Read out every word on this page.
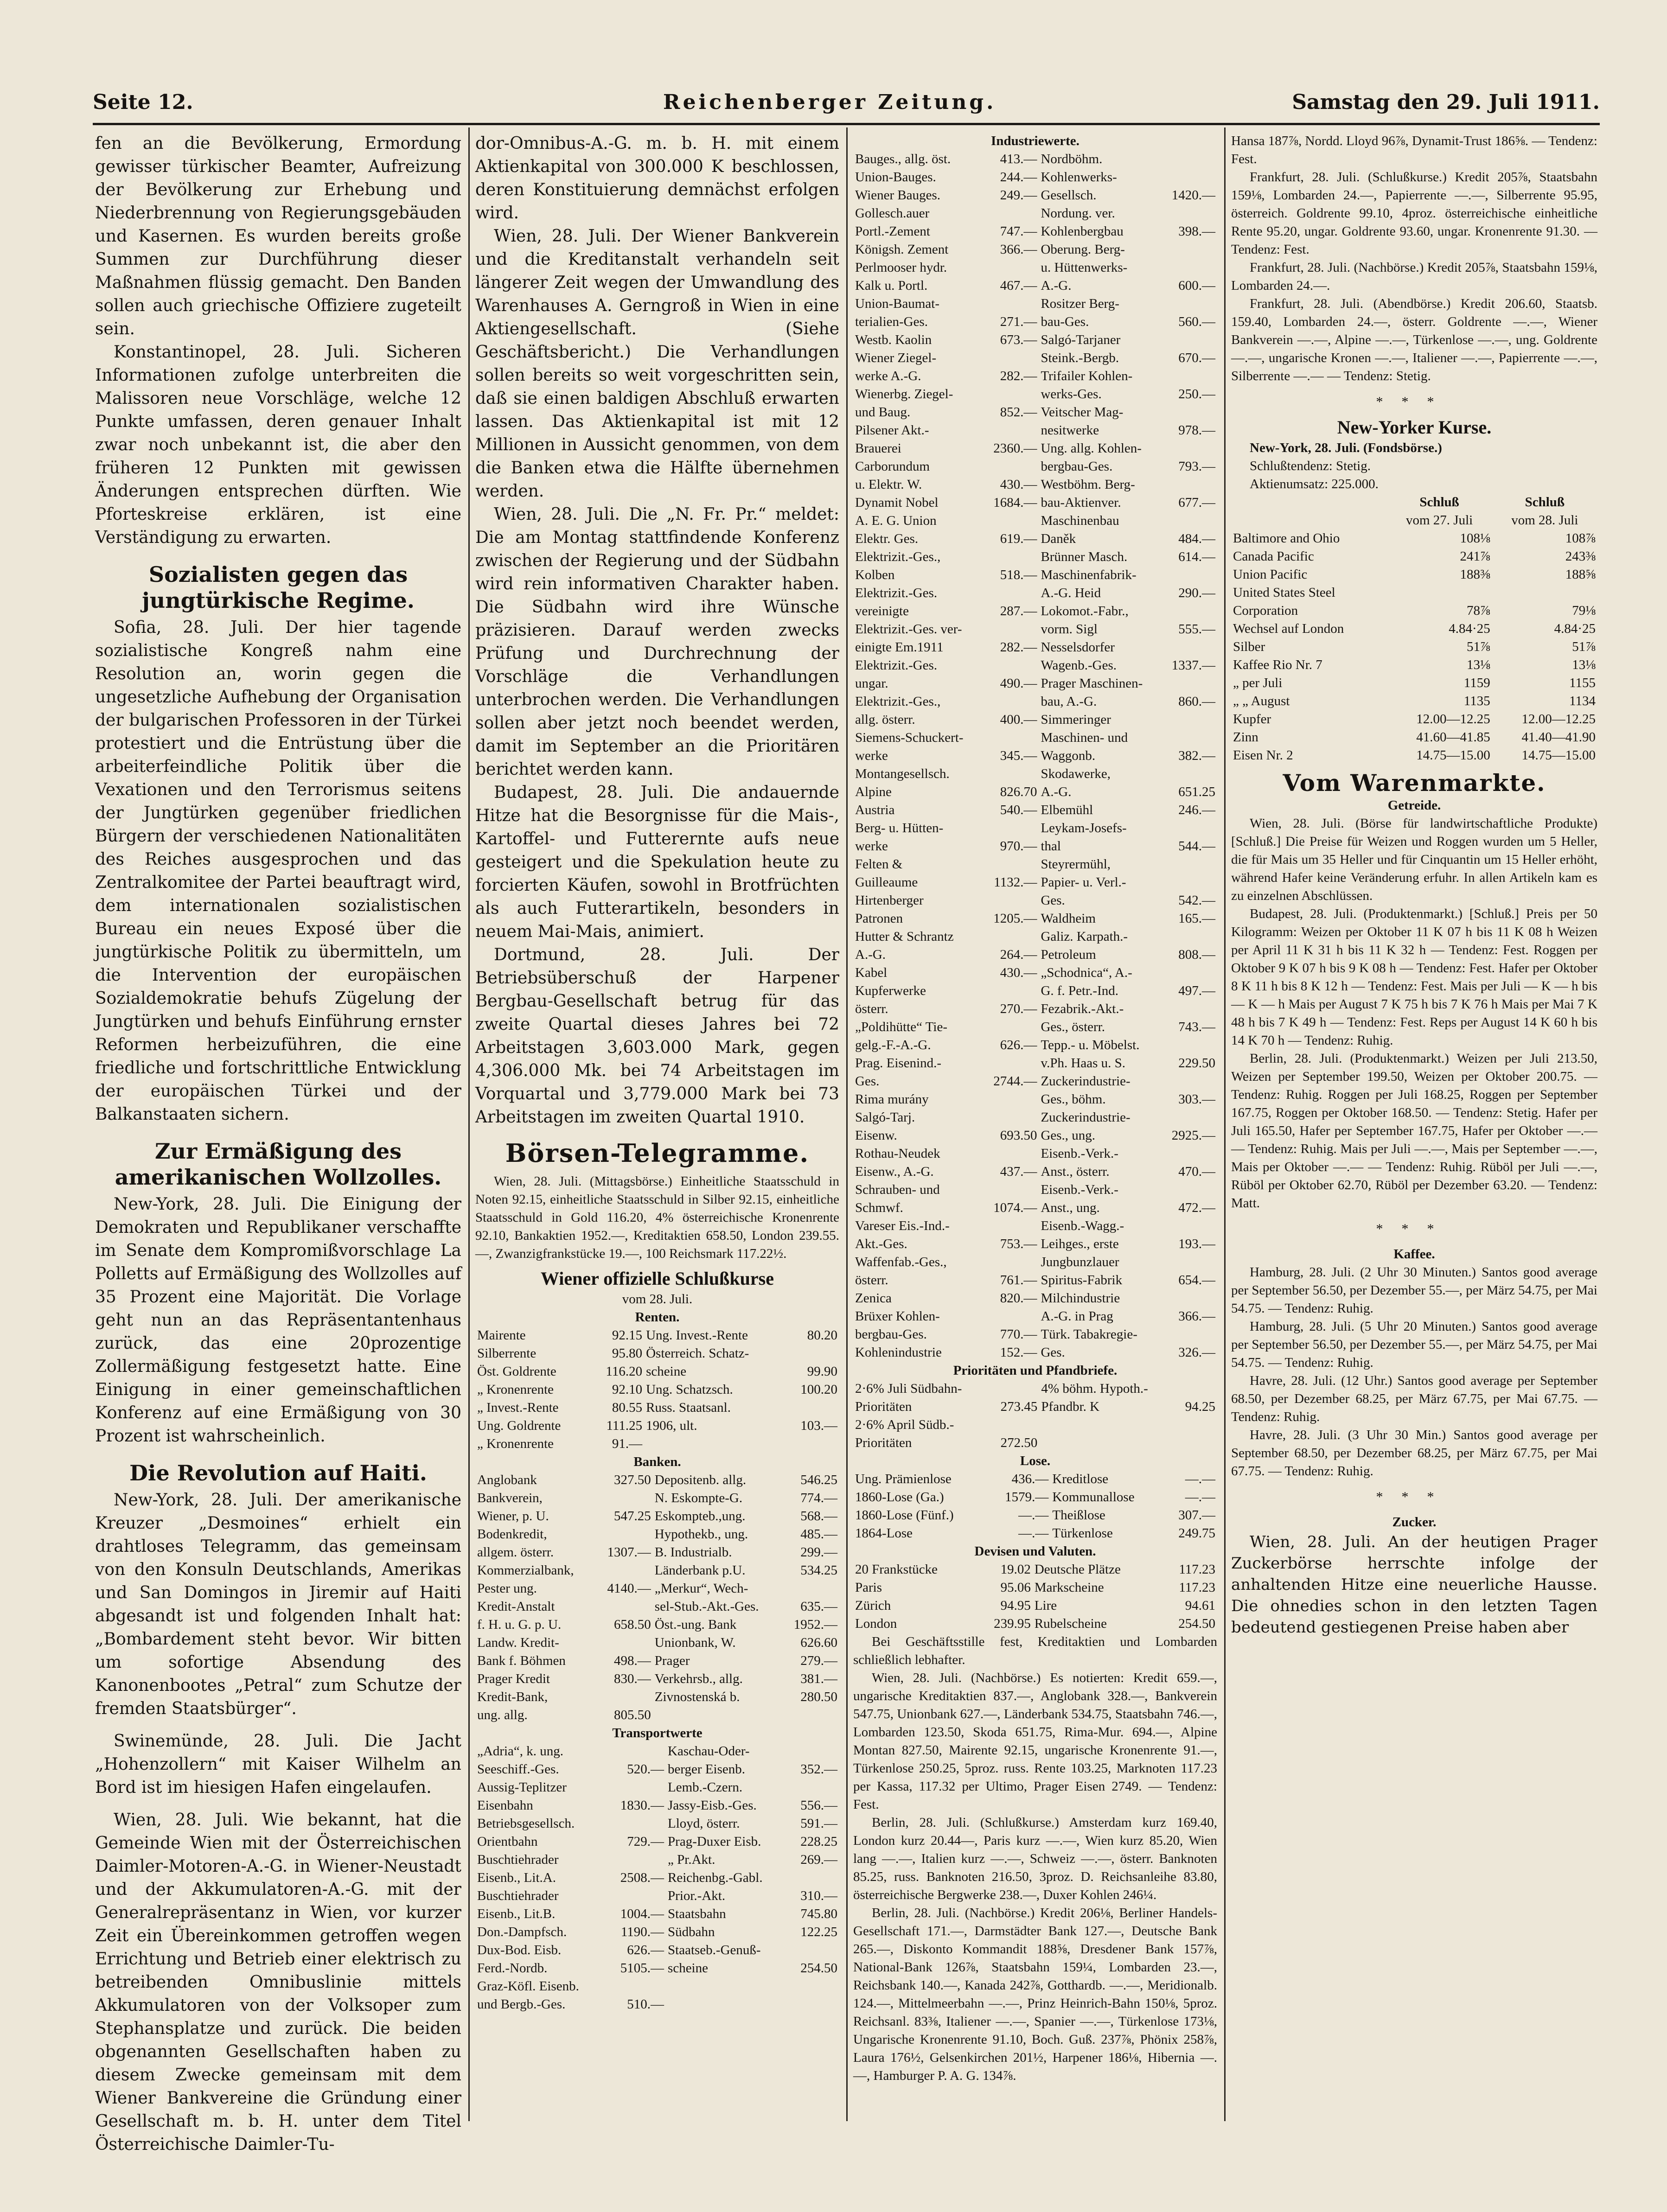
Seite 12.	Reichenberger Zeitung.	Samstag den 29. Juli 1911.

fen an die Bevölkerung, Ermordung gewisser türkischer Beamter, Aufreizung der Bevölkerung zur Erhebung und Niederbrennung von Regierungsgebäuden und Kasernen. Es wurden bereits große Summen zur Durchführung dieser Maßnahmen flüssig gemacht. Den Banden sollen auch griechische Offiziere zugeteilt sein.

Konstantinopel, 28. Juli. Sicheren Informationen zufolge unterbreiten die Malissoren neue Vorschläge, welche 12 Punkte umfassen, deren genauer Inhalt zwar noch unbekannt ist, die aber den früheren 12 Punkten mit gewissen Änderungen entsprechen dürften. Wie Pforteskreise erklären, ist eine Verständigung zu erwarten.

Sozialisten gegen das jungtürkische Regime.

Sofia, 28. Juli. Der hier tagende sozialistische Kongreß nahm eine Resolution an, worin gegen die ungesetzliche Aufhebung der Organisation der bulgarischen Professoren in der Türkei protestiert und die Entrüstung über die arbeiterfeindliche Politik über die Vexationen und den Terrorismus seitens der Jungtürken gegenüber friedlichen Bürgern der verschiedenen Nationalitäten des Reiches ausgesprochen und das Zentralkomitee der Partei beauftragt wird, dem internationalen sozialistischen Bureau ein neues Exposé über die jungtürkische Politik zu übermitteln, um die Intervention der europäischen Sozialdemokratie behufs Zügelung der Jungtürken und behufs Einführung ernster Reformen herbeizuführen, die eine friedliche und fortschrittliche Entwicklung der europäischen Türkei und der Balkanstaaten sichern.

Zur Ermäßigung des amerikanischen Wollzolles.

New-York, 28. Juli. Die Einigung der Demokraten und Republikaner verschaffte im Senate dem Kompromißvorschlage La Polletts auf Ermäßigung des Wollzolles auf 35 Prozent eine Majorität. Die Vorlage geht nun an das Repräsentantenhaus zurück, das eine 20prozentige Zollermäßigung festgesetzt hatte. Eine Einigung in einer gemeinschaftlichen Konferenz auf eine Ermäßigung von 30 Prozent ist wahrscheinlich.

Die Revolution auf Haiti.

New-York, 28. Juli. Der amerikanische Kreuzer „Desmoines“ erhielt ein drahtloses Telegramm, das gemeinsam von den Konsuln Deutschlands, Amerikas und San Domingos in Jiremir auf Haiti abgesandt ist und folgenden Inhalt hat: „Bombardement steht bevor. Wir bitten um sofortige Absendung des Kanonenbootes „Petral“ zum Schutze der fremden Staatsbürger“.

Swinemünde, 28. Juli. Die Jacht „Hohenzollern“ mit Kaiser Wilhelm an Bord ist im hiesigen Hafen eingelaufen.

Wien, 28. Juli. Wie bekannt, hat die Gemeinde Wien mit der Österreichischen Daimler-Motoren-A.-G. in Wiener-Neustadt und der Akkumulatoren-A.-G. mit der Generalrepräsentanz in Wien, vor kurzer Zeit ein Übereinkommen getroffen wegen Errichtung und Betrieb einer elektrisch zu betreibenden Omnibuslinie mittels Akkumulatoren von der Volksoper zum Stephansplatze und zurück. Die beiden obgenannten Gesellschaften haben zu diesem Zwecke gemeinsam mit dem Wiener Bankvereine die Gründung einer Gesellschaft m. b. H. unter dem Titel Österreichische Daimler-Tu-

dor-Omnibus-A.-G. m. b. H. mit einem Aktienkapital von 300.000 K beschlossen, deren Konstituierung demnächst erfolgen wird.

Wien, 28. Juli. Der Wiener Bankverein und die Kreditanstalt verhandeln seit längerer Zeit wegen der Umwandlung des Warenhauses A. Gerngroß in Wien in eine Aktiengesellschaft. (Siehe Geschäftsbericht.) Die Verhandlungen sollen bereits so weit vorgeschritten sein, daß sie einen baldigen Abschluß erwarten lassen. Das Aktienkapital ist mit 12 Millionen in Aussicht genommen, von dem die Banken etwa die Hälfte übernehmen werden.

Wien, 28. Juli. Die „N. Fr. Pr.“ meldet: Die am Montag stattfindende Konferenz zwischen der Regierung und der Südbahn wird rein informativen Charakter haben. Die Südbahn wird ihre Wünsche präzisieren. Darauf werden zwecks Prüfung und Durchrechnung der Vorschläge die Verhandlungen unterbrochen werden. Die Verhandlungen sollen aber jetzt noch beendet werden, damit im September an die Prioritären berichtet werden kann.

Budapest, 28. Juli. Die andauernde Hitze hat die Besorgnisse für die Mais-, Kartoffel- und Futterernte aufs neue gesteigert und die Spekulation heute zu forcierten Käufen, sowohl in Brotfrüchten als auch Futterartikeln, besonders in neuem Mai-Mais, animiert.

Dortmund, 28. Juli. Der Betriebsüberschuß der Harpener Bergbau-Gesellschaft betrug für das zweite Quartal dieses Jahres bei 72 Arbeitstagen 3,603.000 Mark, gegen 4,306.000 Mk. bei 74 Arbeitstagen im Vorquartal und 3,779.000 Mark bei 73 Arbeitstagen im zweiten Quartal 1910.

Börsen-Telegramme.

Wien, 28. Juli. (Mittagsbörse.) Einheitliche Staatsschuld in Noten 92.15, einheitliche Staatsschuld in Silber 92.15, einheitliche Staatsschuld in Gold 116.20, 4% österreichische Kronenrente 92.10, Bankaktien 1952.—, Kreditaktien 658.50, London 239.55.—, Zwanzigfrankstücke 19.—, 100 Reichsmark 117.22½.

Wiener offizielle Schlußkurse
vom 28. Juli.
Renten.
Mairente	92.15	Ung. Invest.-Rente	80.20
Silberrente	95.80	Österreich. Schatz-	
Öst. Goldrente	116.20	scheine	99.90
„ Kronenrente	92.10	Ung. Schatzsch.	100.20
„ Invest.-Rente	80.55	Russ. Staatsanl.	
Ung. Goldrente	111.25	1906, ult.	103.—
„ Kronenrente	91.—		
Banken.
Anglobank	327.50	Depositenb. allg.	546.25
Bankverein,		N. Eskompte-G.	774.—
Wiener, p. U.	547.25	Eskompteb.,ung.	568.—
Bodenkredit,		Hypothekb., ung.	485.—
allgem. österr.	1307.—	B. Industrialb.	299.—
Kommerzialbank,		Länderbank p.U.	534.25
Pester ung.	4140.—	„Merkur“, Wech-	
Kredit-Anstalt		sel-Stub.-Akt.-Ges.	635.—
f. H. u. G. p. U.	658.50	Öst.-ung. Bank	1952.—
Landw. Kredit-		Unionbank, W.	626.60
Bank f. Böhmen	498.—	Prager	279.—
Prager Kredit	830.—	Verkehrsb., allg.	381.—
Kredit-Bank,		Zivnostenská b.	280.50
ung. allg.	805.50		
Transportwerte
„Adria“, k. ung.		Kaschau-Oder-	
Seeschiff.-Ges.	520.—	berger Eisenb.	352.—
Aussig-Teplitzer		Lemb.-Czern.	
Eisenbahn	1830.—	Jassy-Eisb.-Ges.	556.—
Betriebsgesellsch.		Lloyd, österr.	591.—
Orientbahn	729.—	Prag-Duxer Eisb.	228.25
Buschtiehrader		„ Pr.Akt.	269.—
Eisenb., Lit.A.	2508.—	Reichenbg.-Gabl.	
Buschtiehrader		Prior.-Akt.	310.—
Eisenb., Lit.B.	1004.—	Staatsbahn	745.80
Don.-Dampfsch.	1190.—	Südbahn	122.25
Dux-Bod. Eisb.	626.—	Staatseb.-Genuß-	
Ferd.-Nordb.	5105.—	scheine	254.50
Graz-Köfl. Eisenb.			
und Bergb.-Ges.	510.—		
Industriewerte.
Bauges., allg. öst.	413.—	Nordböhm.	
Union-Bauges.	244.—	Kohlenwerks-	
Wiener Bauges.	249.—	Gesellsch.	1420.—
Gollesch.auer		Nordung. ver.	
Portl.-Zement	747.—	Kohlenbergbau	398.—
Königsh. Zement	366.—	Oberung. Berg-	
Perlmooser hydr.		u. Hüttenwerks-	
Kalk u. Portl.	467.—	A.-G.	600.—
Union-Baumat-		Rositzer Berg-	
terialien-Ges.	271.—	bau-Ges.	560.—
Westb. Kaolin	673.—	Salgó-Tarjaner	
Wiener Ziegel-		Steink.-Bergb.	670.—
werke A.-G.	282.—	Trifailer Kohlen-	
Wienerbg. Ziegel-		werks-Ges.	250.—
und Baug.	852.—	Veitscher Mag-	
Pilsener Akt.-		nesitwerke	978.—
Brauerei	2360.—	Ung. allg. Kohlen-	
Carborundum		bergbau-Ges.	793.—
u. Elektr. W.	430.—	Westböhm. Berg-	
Dynamit Nobel	1684.—	bau-Aktienver.	677.—
A. E. G. Union		Maschinenbau	
Elektr. Ges.	619.—	Daněk	484.—
Elektrizit.-Ges.,		Brünner Masch.	614.—
Kolben	518.—	Maschinenfabrik-	
Elektrizit.-Ges.		A.-G. Heid	290.—
vereinigte	287.—	Lokomot.-Fabr.,	
Elektrizit.-Ges. ver-		vorm. Sigl	555.—
einigte Em.1911	282.—	Nesselsdorfer	
Elektrizit.-Ges.		Wagenb.-Ges.	1337.—
ungar.	490.—	Prager Maschinen-	
Elektrizit.-Ges.,		bau, A.-G.	860.—
allg. österr.	400.—	Simmeringer	
Siemens-Schuckert-		Maschinen- und	
werke	345.—	Waggonb.	382.—
Montangesellsch.		Skodawerke,	
Alpine	826.70	A.-G.	651.25
Austria	540.—	Elbemühl	246.—
Berg- u. Hütten-		Leykam-Josefs-	
werke	970.—	thal	544.—
Felten &		Steyrermühl,	
Guilleaume	1132.—	Papier- u. Verl.-	
Hirtenberger		Ges.	542.—
Patronen	1205.—	Waldheim	165.—
Hutter & Schrantz		Galiz. Karpath.-	
A.-G.	264.—	Petroleum	808.—
Kabel	430.—	„Schodnica“, A.-	
Kupferwerke		G. f. Petr.-Ind.	497.—
österr.	270.—	Fezabrik.-Akt.-	
„Poldihütte“ Tie-		Ges., österr.	743.—
gelg.-F.-A.-G.	626.—	Tepp.- u. Möbelst.	
Prag. Eisenind.-		v.Ph. Haas u. S.	229.50
Ges.	2744.—	Zuckerindustrie-	
Rima murány		Ges., böhm.	303.—
Salgó-Tarj.		Zuckerindustrie-	
Eisenw.	693.50	Ges., ung.	2925.—
Rothau-Neudek		Eisenb.-Verk.-	
Eisenw., A.-G.	437.—	Anst., österr.	470.—
Schrauben- und		Eisenb.-Verk.-	
Schmwf.	1074.—	Anst., ung.	472.—
Vareser Eis.-Ind.-		Eisenb.-Wagg.-	
Akt.-Ges.	753.—	Leihges., erste	193.—
Waffenfab.-Ges.,		Jungbunzlauer	
österr.	761.—	Spiritus-Fabrik	654.—
Zenica	820.—	Milchindustrie	
Brüxer Kohlen-		A.-G. in Prag	366.—
bergbau-Ges.	770.—	Türk. Tabakregie-	
Kohlenindustrie	152.—	Ges.	326.—
Prioritäten und Pfandbriefe.
2·6% Juli Südbahn-		4% böhm. Hypoth.-	
Prioritäten	273.45	Pfandbr. K	94.25
2·6% April Südb.-			
Prioritäten	272.50		
Lose.
Ung. Prämienlose	436.—	Kreditlose	—.—
1860-Lose (Ga.)	1579.—	Kommunallose	—.—
1860-Lose (Fünf.)	—.—	Theißlose	307.—
1864-Lose	—.—	Türkenlose	249.75
Devisen und Valuten.
20 Frankstücke	19.02	Deutsche Plätze	117.23
Paris	95.06	Markscheine	117.23
Zürich	94.95	Lire	94.61
London	239.95	Rubelscheine	254.50

Bei Geschäftsstille fest, Kreditaktien und Lombarden schließlich lebhafter.

Wien, 28. Juli. (Nachbörse.) Es notierten: Kredit 659.—, ungarische Kreditaktien 837.—, Anglobank 328.—, Bankverein 547.75, Unionbank 627.—, Länderbank 534.75, Staatsbahn 746.—, Lombarden 123.50, Skoda 651.75, Rima-Mur. 694.—, Alpine Montan 827.50, Mairente 92.15, ungarische Kronenrente 91.—, Türkenlose 250.25, 5proz. russ. Rente 103.25, Marknoten 117.23 per Kassa, 117.32 per Ultimo, Prager Eisen 2749. — Tendenz: Fest.

Berlin, 28. Juli. (Schlußkurse.) Amsterdam kurz 169.40, London kurz 20.44—, Paris kurz —.—, Wien kurz 85.20, Wien lang —.—, Italien kurz —.—, Schweiz —.—, österr. Banknoten 85.25, russ. Banknoten 216.50, 3proz. D. Reichsanleihe 83.80, österreichische Bergwerke 238.—, Duxer Kohlen 246¼.

Berlin, 28. Juli. (Nachbörse.) Kredit 206⅛, Berliner Handels-Gesellschaft 171.—, Darmstädter Bank 127.—, Deutsche Bank 265.—, Diskonto Kommandit 188⅝, Dresdener Bank 157⅞, National-Bank 126⅞, Staatsbahn 159¼, Lombarden 23.—, Reichsbank 140.—, Kanada 242⅞, Gotthardb. —.—, Meridionalb. 124.—, Mittelmeerbahn —.—, Prinz Heinrich-Bahn 150⅛, 5proz. Reichsanl. 83⅜, Italiener —.—, Spanier —.—, Türkenlose 173⅛, Ungarische Kronenrente 91.10, Boch. Guß. 237⅞, Phönix 258⅞, Laura 176½, Gelsenkirchen 201½, Harpener 186⅛, Hibernia —.—, Hamburger P. A. G. 134⅞.

Hansa 187⅞, Nordd. Lloyd 96⅞, Dynamit-Trust 186⅝. — Tendenz: Fest.

Frankfurt, 28. Juli. (Schlußkurse.) Kredit 205⅞, Staatsbahn 159⅛, Lombarden 24.—, Papierrente —.—, Silberrente 95.95, österreich. Goldrente 99.10, 4proz. österreichische einheitliche Rente 95.20, ungar. Goldrente 93.60, ungar. Kronenrente 91.30. — Tendenz: Fest.

Frankfurt, 28. Juli. (Nachbörse.) Kredit 205⅞, Staatsbahn 159⅛, Lombarden 24.—.

Frankfurt, 28. Juli. (Abendbörse.) Kredit 206.60, Staatsb. 159.40, Lombarden 24.—, österr. Goldrente —.—, Wiener Bankverein —.—, Alpine —.—, Türkenlose —.—, ung. Goldrente —.—, ungarische Kronen —.—, Italiener —.—, Papierrente —.—, Silberrente —.— — Tendenz: Stetig.

***
New-Yorker Kurse.

New-York, 28. Juli. (Fondsbörse.)

Schlußtendenz: Stetig.

Aktienumsatz: 225.000.

	Schluß	Schluß
	vom 27. Juli	vom 28. Juli
Baltimore and Ohio	108⅛	108⅞
Canada Pacific	241⅞	243⅜
Union Pacific	188⅜	188⅝
United States Steel		
Corporation	78⅞	79⅛
Wechsel auf London	4.84·25	4.84·25
Silber	51⅞	51⅞
Kaffee Rio Nr. 7	13⅛	13⅛
„ per Juli	1159	1155
„ „ August	1135	1134
Kupfer	12.00—12.25	12.00—12.25
Zinn	41.60—41.85	41.40—41.90
Eisen Nr. 2	14.75—15.00	14.75—15.00
Vom Warenmarkte.
Getreide.

Wien, 28. Juli. (Börse für landwirtschaftliche Produkte) [Schluß.] Die Preise für Weizen und Roggen wurden um 5 Heller, die für Mais um 35 Heller und für Cinquantin um 15 Heller erhöht, während Hafer keine Veränderung erfuhr. In allen Artikeln kam es zu einzelnen Abschlüssen.

Budapest, 28. Juli. (Produktenmarkt.) [Schluß.] Preis per 50 Kilogramm: Weizen per Oktober 11 K 07 h bis 11 K 08 h Weizen per April 11 K 31 h bis 11 K 32 h — Tendenz: Fest. Roggen per Oktober 9 K 07 h bis 9 K 08 h — Tendenz: Fest. Hafer per Oktober 8 K 11 h bis 8 K 12 h — Tendenz: Fest. Mais per Juli — K — h bis — K — h Mais per August 7 K 75 h bis 7 K 76 h Mais per Mai 7 K 48 h bis 7 K 49 h — Tendenz: Fest. Reps per August 14 K 60 h bis 14 K 70 h — Tendenz: Ruhig.

Berlin, 28. Juli. (Produktenmarkt.) Weizen per Juli 213.50, Weizen per September 199.50, Weizen per Oktober 200.75. — Tendenz: Ruhig. Roggen per Juli 168.25, Roggen per September 167.75, Roggen per Oktober 168.50. — Tendenz: Stetig. Hafer per Juli 165.50, Hafer per September 167.75, Hafer per Oktober —.— — Tendenz: Ruhig. Mais per Juli —.—, Mais per September —.—, Mais per Oktober —.— — Tendenz: Ruhig. Rüböl per Juli —.—, Rüböl per Oktober 62.70, Rüböl per Dezember 63.20. — Tendenz: Matt.

***
Kaffee.

Hamburg, 28. Juli. (2 Uhr 30 Minuten.) Santos good average per September 56.50, per Dezember 55.—, per März 54.75, per Mai 54.75. — Tendenz: Ruhig.

Hamburg, 28. Juli. (5 Uhr 20 Minuten.) Santos good average per September 56.50, per Dezember 55.—, per März 54.75, per Mai 54.75. — Tendenz: Ruhig.

Havre, 28. Juli. (12 Uhr.) Santos good average per September 68.50, per Dezember 68.25, per März 67.75, per Mai 67.75. — Tendenz: Ruhig.

Havre, 28. Juli. (3 Uhr 30 Min.) Santos good average per September 68.50, per Dezember 68.25, per März 67.75, per Mai 67.75. — Tendenz: Ruhig.

***
Zucker.

Wien, 28. Juli. An der heutigen Prager Zuckerbörse herrschte infolge der anhaltenden Hitze eine neuerliche Hausse. Die ohnedies schon in den letzten Tagen bedeutend gestiegenen Preise haben aber
